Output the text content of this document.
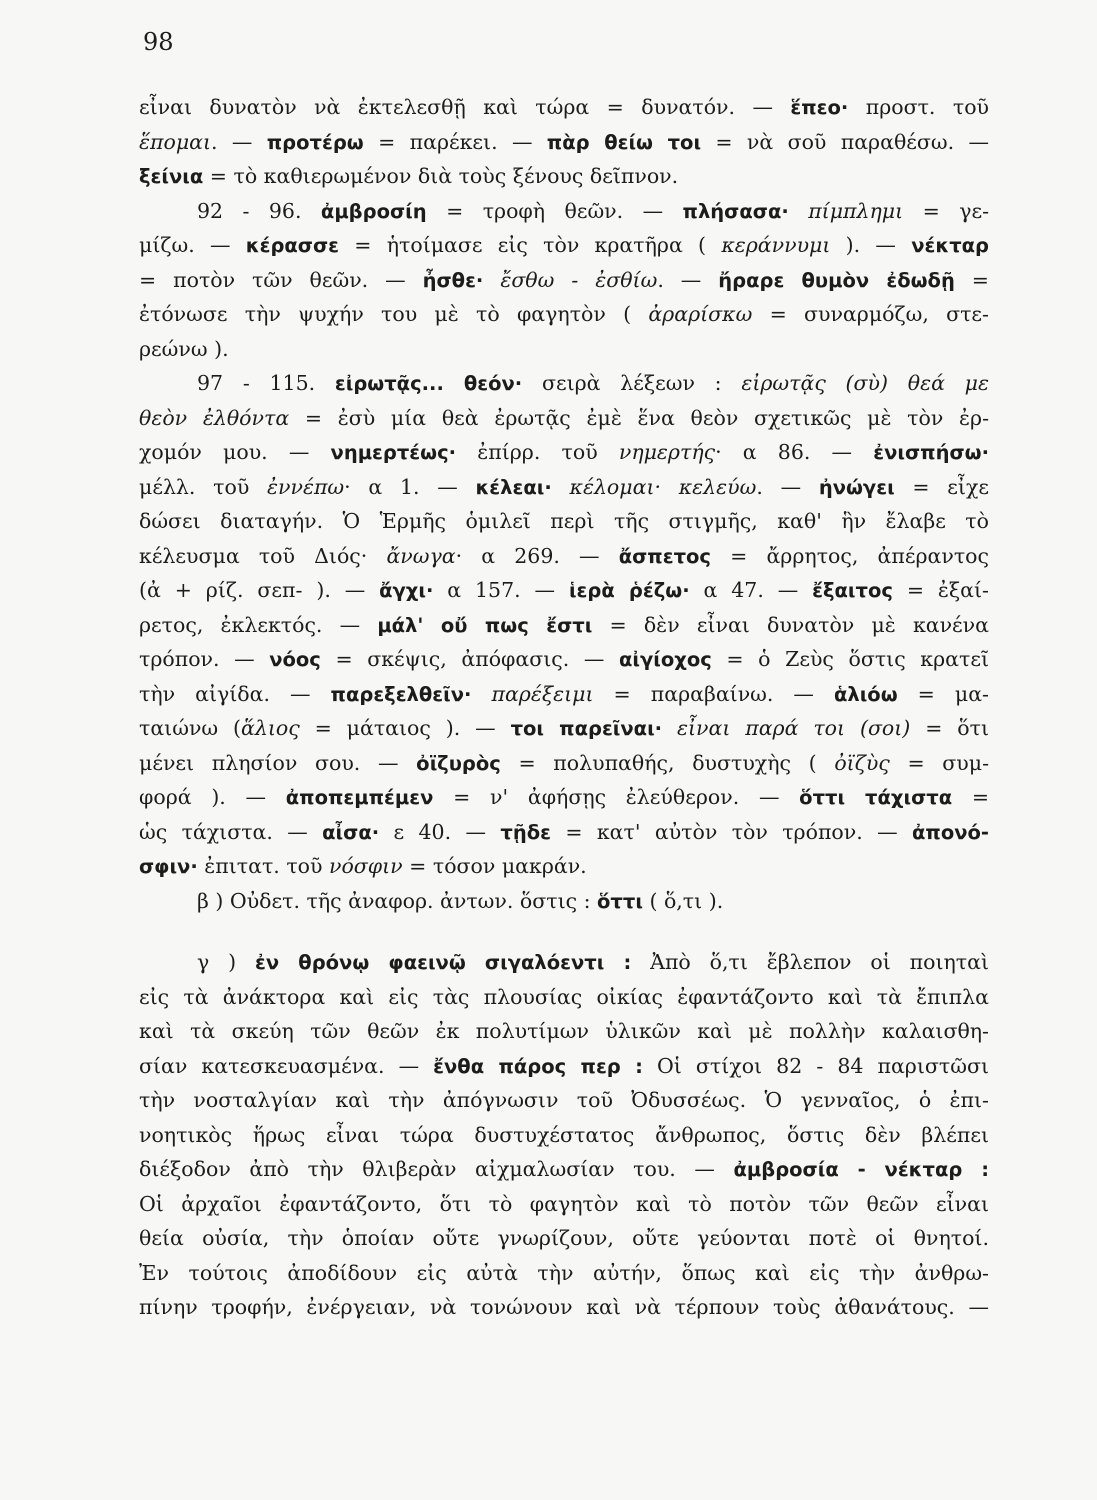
98
εἶναι δυνατὸν νὰ ἐκτελεσθῇ καὶ τώρα = δυνατόν. — ἕπεο· προστ. τοῦ
ἕπομαι. — προτέρω = παρέκει. — πὰρ θείω τοι = νὰ σοῦ παραθέσω. —
ξείνια = τὸ καθιερωμένον διὰ τοὺς ξένους δεῖπνον.
92 - 96. ἀμβροσίη = τροφὴ θεῶν. — πλήσασα· πίμπλημι = γε-
μίζω. — κέρασσε = ἡτοίμασε εἰς τὸν κρατῆρα ( κεράννυμι ). — νέκταρ
= ποτὸν τῶν θεῶν. — ἦσθε· ἔσθω - ἐσθίω. — ἤραρε θυμὸν ἐδωδῇ =
ἐτόνωσε τὴν ψυχήν του μὲ τὸ φαγητὸν ( ἀραρίσκω = συναρμόζω, στε-
ρεώνω ).
97 - 115. εἰρωτᾷς... θεόν· σειρὰ λέξεων : εἰρωτᾷς (σὺ) θεά με
θεὸν ἐλθόντα = ἐσὺ μία θεὰ ἐρωτᾷς ἐμὲ ἕνα θεὸν σχετικῶς μὲ τὸν ἐρ-
χομόν μου. — νημερτέως· ἐπίρρ. τοῦ νημερτής· α 86. — ἐνισπήσω·
μέλλ. τοῦ ἐννέπω· α 1. — κέλεαι· κέλομαι· κελεύω. — ἠνώγει = εἶχε
δώσει διαταγήν. Ὁ Ἑρμῆς ὁμιλεῖ περὶ τῆς στιγμῆς, καθ' ἣν ἔλαβε τὸ
κέλευσμα τοῦ Διός· ἄνωγα· α 269. — ἄσπετος = ἄρρητος, ἀπέραντος
(ἀ + ρίζ. σεπ- ). — ἄγχι· α 157. — ἱερὰ ῥέζω· α 47. — ἔξαιτος = ἐξαί-
ρετος, ἐκλεκτός. — μάλ' οὔ πως ἔστι = δὲν εἶναι δυνατὸν μὲ κανένα
τρόπον. — νόος = σκέψις, ἀπόφασις. — αἰγίοχος = ὁ Ζεὺς ὅστις κρατεῖ
τὴν αἰγίδα. — παρεξελθεῖν· παρέξειμι = παραβαίνω. — ἁλιόω = μα-
ταιώνω (ἅλιος = μάταιος ). — τοι παρεῖναι· εἶναι παρά τοι (σοι) = ὅτι
μένει πλησίον σου. — ὀϊζυρὸς = πολυπαθής, δυστυχὴς ( ὀϊζὺς = συμ-
φορά ). — ἀποπεμπέμεν = ν' ἀφήσῃς ἐλεύθερον. — ὅττι τάχιστα =
ὡς τάχιστα. — αἶσα· ε 40. — τῇδε = κατ' αὐτὸν τὸν τρόπον. — ἀπονό-
σφιν· ἐπιτατ. τοῦ νόσφιν = τόσον μακράν.
β ) Οὐδετ. τῆς ἀναφορ. ἀντων. ὅστις : ὅττι ( ὅ,τι ).
γ ) ἐν θρόνῳ φαεινῷ σιγαλόεντι : Ἀπὸ ὅ,τι ἔβλεπον οἱ ποιηταὶ
εἰς τὰ ἀνάκτορα καὶ εἰς τὰς πλουσίας οἰκίας ἐφαντάζοντο καὶ τὰ ἔπιπλα
καὶ τὰ σκεύη τῶν θεῶν ἐκ πολυτίμων ὑλικῶν καὶ μὲ πολλὴν καλαισθη-
σίαν κατεσκευασμένα. — ἔνθα πάρος περ : Οἱ στίχοι 82 - 84 παριστῶσι
τὴν νοσταλγίαν καὶ τὴν ἀπόγνωσιν τοῦ Ὀδυσσέως. Ὁ γενναῖος, ὁ ἐπι-
νοητικὸς ἥρως εἶναι τώρα δυστυχέστατος ἄνθρωπος, ὅστις δὲν βλέπει
διέξοδον ἀπὸ τὴν θλιβερὰν αἰχμαλωσίαν του. — ἀμβροσία - νέκταρ :
Οἱ ἀρχαῖοι ἐφαντάζοντο, ὅτι τὸ φαγητὸν καὶ τὸ ποτὸν τῶν θεῶν εἶναι
θεία οὐσία, τὴν ὁποίαν οὔτε γνωρίζουν, οὔτε γεύονται ποτὲ οἱ θνητοί.
Ἐν τούτοις ἀποδίδουν εἰς αὐτὰ τὴν αὐτήν, ὅπως καὶ εἰς τὴν ἀνθρω-
πίνην τροφήν, ἐνέργειαν, νὰ τονώνουν καὶ νὰ τέρπουν τοὺς ἀθανάτους. —
